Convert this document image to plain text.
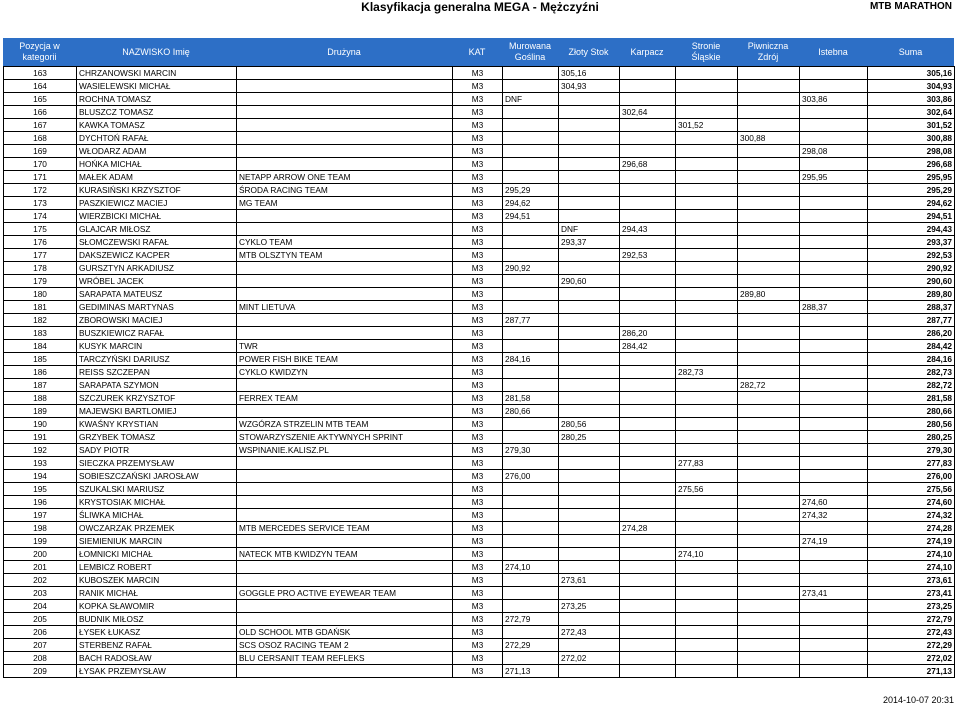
Klasyfikacja generalna MEGA - Mężczyźni	MTB MARATHON
Pozycja w kategorii	NAZWISKO Imię	Drużyna	KAT	Murowana Goślina	Złoty Stok	Karpacz	Stronie Śląskie	Piwniczna Zdrój	Istebna	Suma
163	CHRZANOWSKI MARCIN		M3		305,16					305,16
164	WASIELEWSKI MICHAŁ		M3		304,93					304,93
165	ROCHNA TOMASZ		M3	DNF					303,86	303,86
166	BLUSZCZ TOMASZ		M3			302,64				302,64
167	KAWKA TOMASZ		M3				301,52			301,52
168	DYCHTOŃ RAFAŁ		M3					300,88		300,88
169	WŁODARZ ADAM		M3						298,08	298,08
170	HOŃKA MICHAŁ		M3			296,68				296,68
171	MAŁEK ADAM	NETAPP ARROW ONE TEAM	M3						295,95	295,95
172	KURASIŃSKI KRZYSZTOF	ŚRODA RACING TEAM	M3	295,29						295,29
173	PASZKIEWICZ MACIEJ	MG TEAM	M3	294,62						294,62
174	WIERZBICKI MICHAŁ		M3	294,51						294,51
175	GLAJCAR MIŁOSZ		M3		DNF	294,43				294,43
176	SŁOMCZEWSKI RAFAŁ	CYKLO TEAM	M3		293,37					293,37
177	DAKSZEWICZ KACPER	MTB OLSZTYN TEAM	M3			292,53				292,53
178	GURSZTYN ARKADIUSZ		M3	290,92						290,92
179	WRÓBEL JACEK		M3		290,60					290,60
180	SARAPATA MATEUSZ		M3					289,80		289,80
181	GEDIMINAS MARTYNAS	MINT LIETUVA	M3						288,37	288,37
182	ZBOROWSKI MACIEJ		M3	287,77						287,77
183	BUSZKIEWICZ RAFAŁ		M3			286,20				286,20
184	KUSYK MARCIN	TWR	M3			284,42				284,42
185	TARCZYŃSKI DARIUSZ	POWER FISH BIKE TEAM	M3	284,16						284,16
186	REISS SZCZEPAN	CYKLO KWIDZYN	M3				282,73			282,73
187	SARAPATA SZYMON		M3					282,72		282,72
188	SZCZUREK KRZYSZTOF	FERREX TEAM	M3	281,58						281,58
189	MAJEWSKI BARTLOMIEJ		M3	280,66						280,66
190	KWAŚNY KRYSTIAN	WZGÓRZA STRZELIN MTB TEAM	M3		280,56					280,56
191	GRZYBEK TOMASZ	STOWARZYSZENIE AKTYWNYCH SPRINT	M3		280,25					280,25
192	SADY PIOTR	WSPINANIE.KALISZ.PL	M3	279,30						279,30
193	SIECZKA PRZEMYSŁAW		M3				277,83			277,83
194	SOBIESZCZAŃSKI JAROSŁAW		M3	276,00						276,00
195	SZUKALSKI MARIUSZ		M3				275,56			275,56
196	KRYSTOSIAK MICHAŁ		M3						274,60	274,60
197	ŚLIWKA MICHAŁ		M3						274,32	274,32
198	OWCZARZAK PRZEMEK	MTB MERCEDES SERVICE TEAM	M3			274,28				274,28
199	SIEMIENIUK MARCIN		M3						274,19	274,19
200	ŁOMNICKI MICHAŁ	NATECK MTB KWIDZYN TEAM	M3				274,10			274,10
201	LEMBICZ ROBERT		M3	274,10						274,10
202	KUBOSZEK MARCIN		M3		273,61					273,61
203	RANIK MICHAŁ	GOGGLE PRO ACTIVE EYEWEAR TEAM	M3						273,41	273,41
204	KOPKA SŁAWOMIR		M3		273,25					273,25
205	BUDNIK MIŁOSZ		M3	272,79						272,79
206	ŁYSEK ŁUKASZ	OLD SCHOOL MTB GDAŃSK	M3		272,43					272,43
207	STERBENZ RAFAŁ	SCS OSOZ RACING TEAM 2	M3	272,29						272,29
208	BACH RADOSŁAW	BLU CERSANIT TEAM REFLEKS	M3		272,02					272,02
209	ŁYSAK PRZEMYSŁAW		M3	271,13						271,13
2014-10-07 20:31
